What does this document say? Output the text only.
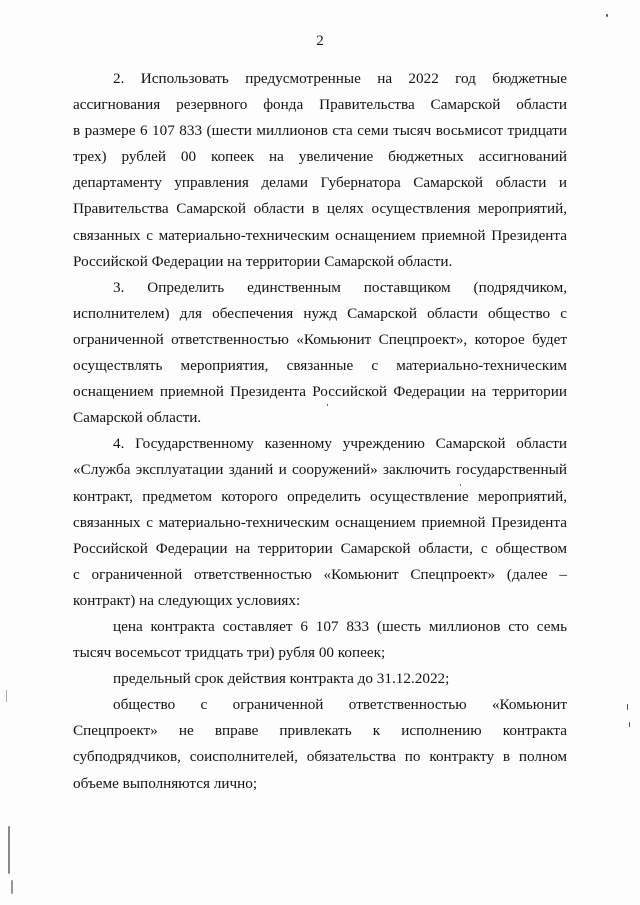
2
2. Использовать предусмотренные на 2022 год бюджетные
ассигнования резервного фонда Правительства Самарской области
в размере 6 107 833 (шести миллионов ста семи тысяч восьмисот тридцати
трех) рублей 00 копеек на увеличение бюджетных ассигнований
департаменту управления делами Губернатора Самарской области и
Правительства Самарской области в целях осуществления мероприятий,
связанных с материально-техническим оснащением приемной Президента
Российской Федерации на территории Самарской области.
3. Определить единственным поставщиком (подрядчиком,
исполнителем) для обеспечения нужд Самарской области общество с
ограниченной ответственностью «Комьюнит Спецпроект», которое будет
осуществлять мероприятия, связанные с материально-техническим
оснащением приемной Президента Российской Федерации на территории
Самарской области.
4. Государственному казенному учреждению Самарской области
«Служба эксплуатации зданий и сооружений» заключить государственный
контракт, предметом которого определить осуществление мероприятий,
связанных с материально-техническим оснащением приемной Президента
Российской Федерации на территории Самарской области, с обществом
с ограниченной ответственностью «Комьюнит Спецпроект» (далее –
контракт) на следующих условиях:
цена контракта составляет 6 107 833 (шесть миллионов сто семь
тысяч восемьсот тридцать три) рубля 00 копеек;
предельный срок действия контракта до 31.12.2022;
общество с ограниченной ответственностью «Комьюнит
Спецпроект» не вправе привлекать к исполнению контракта
субподрядчиков, соисполнителей, обязательства по контракту в полном
объеме выполняются лично;
